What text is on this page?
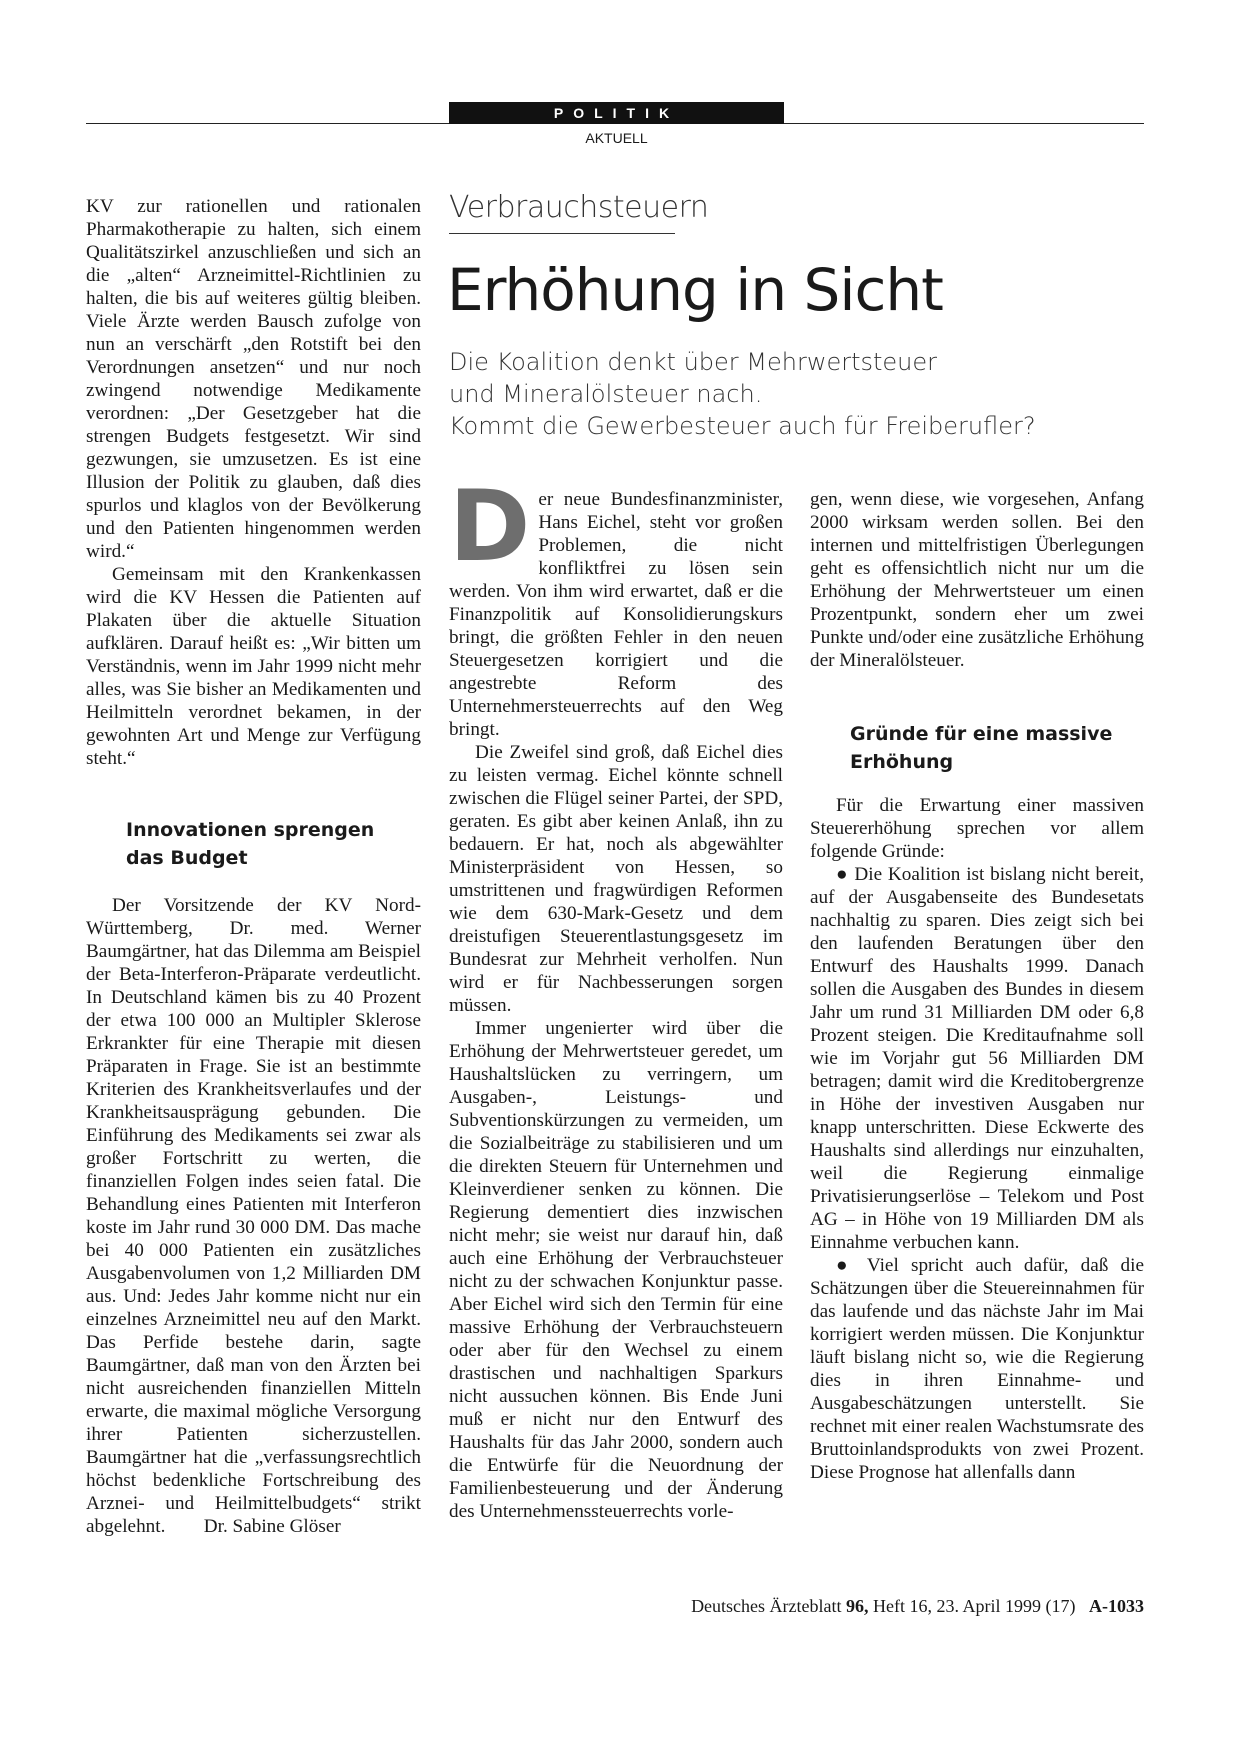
POLITIK
AKTUELL

KV zur rationellen und rationalen Pharmakotherapie zu halten, sich einem Qualitätszirkel anzuschließen und sich an die „alten“ Arzneimittel-Richtlinien zu halten, die bis auf weiteres gültig bleiben. Viele Ärzte werden Bausch zufolge von nun an verschärft „den Rotstift bei den Verordnungen ansetzen“ und nur noch zwingend notwendige Medikamente verordnen: „Der Gesetzgeber hat die strengen Budgets festgesetzt. Wir sind gezwungen, sie umzusetzen. Es ist eine Illusion der Politik zu glauben, daß dies spurlos und klaglos von der Bevölkerung und den Patienten hingenommen werden wird.“

Gemeinsam mit den Krankenkassen wird die KV Hessen die Patienten auf Plakaten über die aktuelle Situation aufklären. Darauf heißt es: „Wir bitten um Verständnis, wenn im Jahr 1999 nicht mehr alles, was Sie bisher an Medikamenten und Heilmitteln verordnet bekamen, in der gewohnten Art und Menge zur Verfügung steht.“

Innovationen sprengen
das Budget

Der Vorsitzende der KV Nord-Württemberg, Dr. med. Werner Baumgärtner, hat das Dilemma am Beispiel der Beta-Interferon-Präparate verdeutlicht. In Deutschland kämen bis zu 40 Prozent der etwa 100 000 an Multipler Sklerose Erkrankter für eine Therapie mit diesen Präparaten in Frage. Sie ist an bestimmte Kriterien des Krankheitsverlaufes und der Krankheitsausprägung gebunden. Die Einführung des Medikaments sei zwar als großer Fortschritt zu werten, die finanziellen Folgen indes seien fatal. Die Behandlung eines Patienten mit Interferon koste im Jahr rund 30 000 DM. Das mache bei 40 000 Patienten ein zusätzliches Ausgabenvolumen von 1,2 Milliarden DM aus. Und: Jedes Jahr komme nicht nur ein einzelnes Arzneimittel neu auf den Markt. Das Perfide bestehe darin, sagte Baumgärtner, daß man von den Ärzten bei nicht ausreichenden finanziellen Mitteln erwarte, die maximal mögliche Versorgung ihrer Patienten sicherzustellen. Baumgärtner hat die „verfassungsrechtlich höchst bedenkliche Fortschreibung des Arznei- und Heilmittelbudgets“ strikt abgelehnt. Dr. Sabine Glöser

Verbrauchsteuern
Erhöhung in Sicht
Die Koalition denkt über Mehrwertsteuer
und Mineralölsteuer nach.
Kommt die Gewerbesteuer auch für Freiberufler?

Der neue Bundesfinanzminister, Hans Eichel, steht vor großen Problemen, die nicht konfliktfrei zu lösen sein werden. Von ihm wird erwartet, daß er die Finanzpolitik auf Konsolidierungskurs bringt, die größten Fehler in den neuen Steuergesetzen korrigiert und die angestrebte Reform des Unternehmersteuerrechts auf den Weg bringt.

Die Zweifel sind groß, daß Eichel dies zu leisten vermag. Eichel könnte schnell zwischen die Flügel seiner Partei, der SPD, geraten. Es gibt aber keinen Anlaß, ihn zu bedauern. Er hat, noch als abgewählter Ministerpräsident von Hessen, so umstrittenen und fragwürdigen Reformen wie dem 630-Mark-Gesetz und dem dreistufigen Steuerentlastungsgesetz im Bundesrat zur Mehrheit verholfen. Nun wird er für Nachbesserungen sorgen müssen.

Immer ungenierter wird über die Erhöhung der Mehrwertsteuer geredet, um Haushaltslücken zu verringern, um Ausgaben-, Leistungs- und Subventionskürzungen zu vermeiden, um die Sozialbeiträge zu stabilisieren und um die direkten Steuern für Unternehmen und Kleinverdiener senken zu können. Die Regierung dementiert dies inzwischen nicht mehr; sie weist nur darauf hin, daß auch eine Erhöhung der Verbrauchsteuer nicht zu der schwachen Konjunktur passe. Aber Eichel wird sich den Termin für eine massive Erhöhung der Verbrauchsteuern oder aber für den Wechsel zu einem drastischen und nachhaltigen Sparkurs nicht aussuchen können. Bis Ende Juni muß er nicht nur den Entwurf des Haushalts für das Jahr 2000, sondern auch die Entwürfe für die Neuordnung der Familienbesteuerung und der Änderung des Unternehmenssteuerrechts vorle-

gen, wenn diese, wie vorgesehen, Anfang 2000 wirksam werden sollen. Bei den internen und mittelfristigen Überlegungen geht es offensichtlich nicht nur um die Erhöhung der Mehrwertsteuer um einen Prozentpunkt, sondern eher um zwei Punkte und/oder eine zusätzliche Erhöhung der Mineralölsteuer.

Gründe für eine massive
Erhöhung

Für die Erwartung einer massiven Steuererhöhung sprechen vor allem folgende Gründe:

● Die Koalition ist bislang nicht bereit, auf der Ausgabenseite des Bundesetats nachhaltig zu sparen. Dies zeigt sich bei den laufenden Beratungen über den Entwurf des Haushalts 1999. Danach sollen die Ausgaben des Bundes in diesem Jahr um rund 31 Milliarden DM oder 6,8 Prozent steigen. Die Kreditaufnahme soll wie im Vorjahr gut 56 Milliarden DM betragen; damit wird die Kreditobergrenze in Höhe der investiven Ausgaben nur knapp unterschritten. Diese Eckwerte des Haushalts sind allerdings nur einzuhalten, weil die Regierung einmalige Privatisierungserlöse – Telekom und Post AG – in Höhe von 19 Milliarden DM als Einnahme verbuchen kann.

● Viel spricht auch dafür, daß die Schätzungen über die Steuereinnahmen für das laufende und das nächste Jahr im Mai korrigiert werden müssen. Die Konjunktur läuft bislang nicht so, wie die Regierung dies in ihren Einnahme- und Ausgabeschätzungen unterstellt. Sie rechnet mit einer realen Wachstumsrate des Bruttoinlandsprodukts von zwei Prozent. Diese Prognose hat allenfalls dann

Deutsches Ärzteblatt 96, Heft 16, 23. April 1999 (17) A-1033
